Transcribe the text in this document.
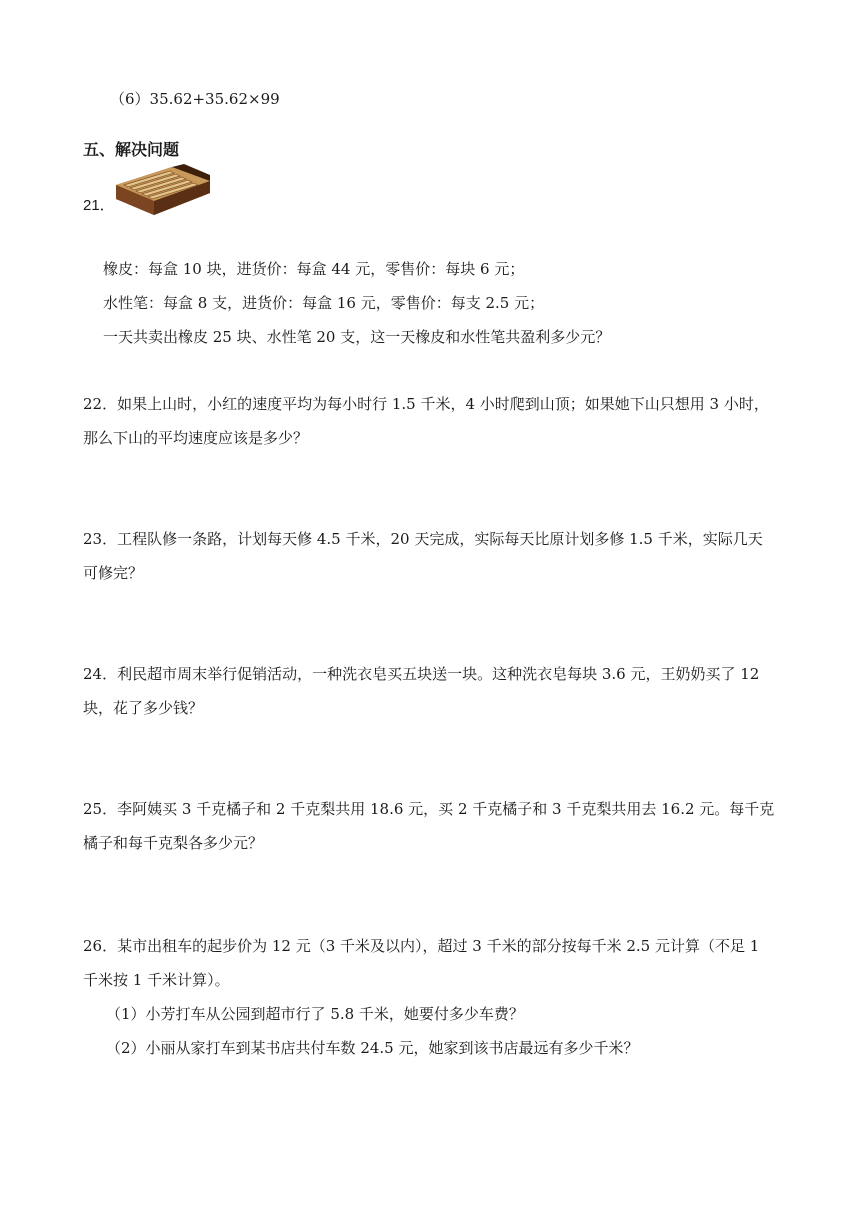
（6）35.62+35.62×99
五、解决问题
21．
橡皮：每盒 10 块，进货价：每盒 44 元，零售价：每块 6 元；
水性笔：每盒 8 支，进货价：每盒 16 元，零售价：每支 2.5 元；
一天共卖出橡皮 25 块、水性笔 20 支，这一天橡皮和水性笔共盈利多少元？
22．如果上山时，小红的速度平均为每小时行 1.5 千米，4 小时爬到山顶；如果她下山只想用 3 小时，
那么下山的平均速度应该是多少？
23．工程队修一条路，计划每天修 4.5 千米，20 天完成，实际每天比原计划多修 1.5 千米，实际几天
可修完？
24．利民超市周末举行促销活动，一种洗衣皂买五块送一块。这种洗衣皂每块 3.6 元，王奶奶买了 12
块，花了多少钱？
25．李阿姨买 3 千克橘子和 2 千克梨共用 18.6 元，买 2 千克橘子和 3 千克梨共用去 16.2 元。每千克
橘子和每千克梨各多少元？
26．某市出租车的起步价为 12 元（3 千米及以内），超过 3 千米的部分按每千米 2.5 元计算（不足 1
千米按 1 千米计算）。
（1）小芳打车从公园到超市行了 5.8 千米，她要付多少车费？
（2）小丽从家打车到某书店共付车数 24.5 元，她家到该书店最远有多少千米？
